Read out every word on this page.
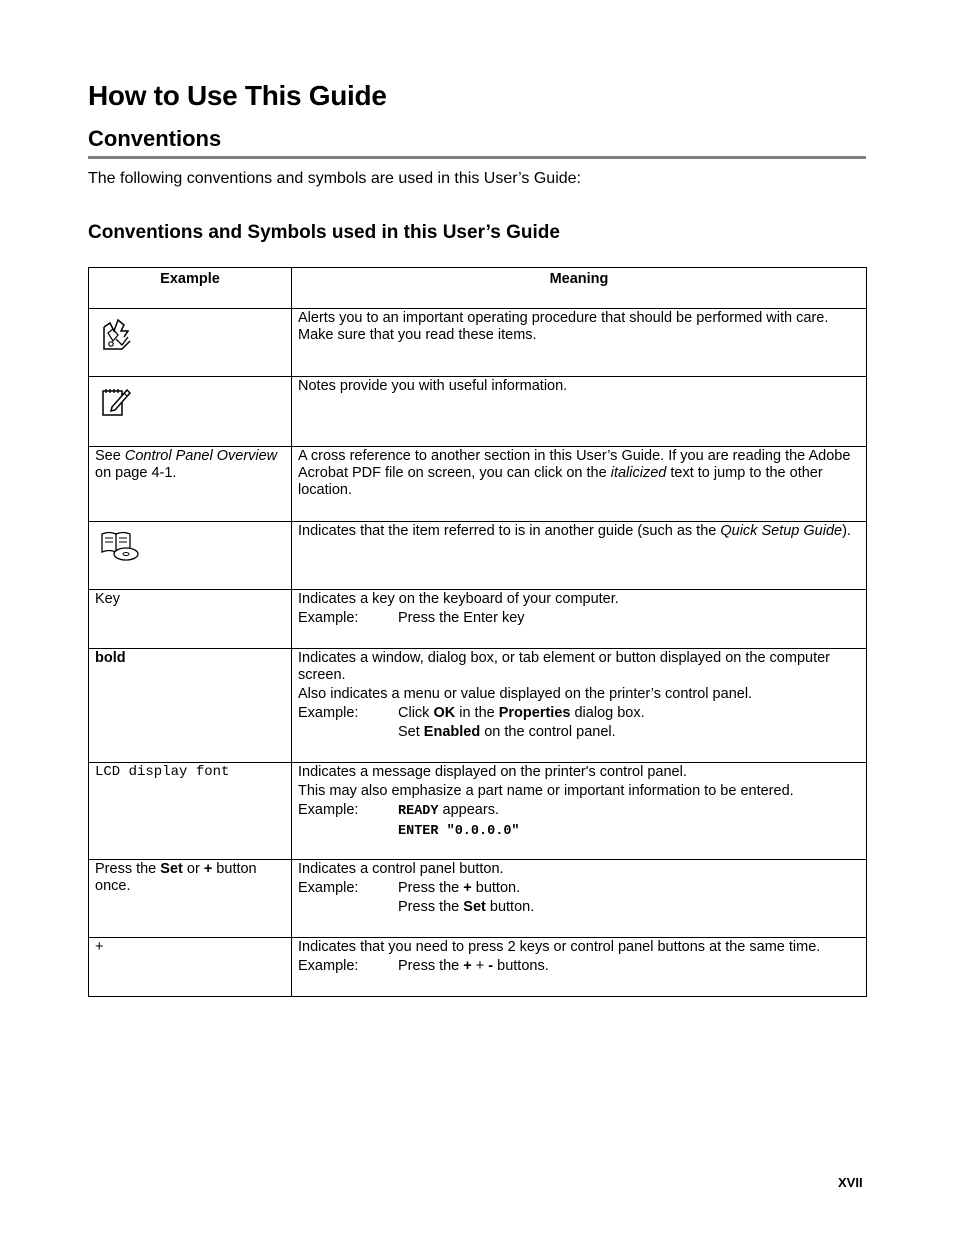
How to Use This Guide
Conventions

The following conventions and symbols are used in this User’s Guide:

Conventions and Symbols used in this User’s Guide
Example	Meaning

Alerts you to an important operating procedure that should be performed with care. Make sure that you read these items.

Notes provide you with useful information.

See Control Panel Overview on page 4-1.	A cross reference to another section in this User’s Guide. If you are reading the Adobe Acrobat PDF file on screen, you can click on the italicized text to jump to the other location.

Indicates that the item referred to is in another guide (such as the Quick Setup Guide).

Key	Indicates a key on the keyboard of your computer.
Example: Press the Enter key

bold	Indicates a window, dialog box, or tab element or button displayed on the computer screen.
Also indicates a menu or value displayed on the printer’s control panel.
Example: Click OK in the Properties dialog box.
Set Enabled on the control panel.

LCD display font	Indicates a message displayed on the printer's control panel.
This may also emphasize a part name or important information to be entered.
Example: READY appears.
ENTER "0.0.0.0"

Press the Set or + button once.	Indicates a control panel button.
Example: Press the + button.
Press the Set button.

+	Indicates that you need to press 2 keys or control panel buttons at the same time.
Example: Press the + + - buttons.
XVII
